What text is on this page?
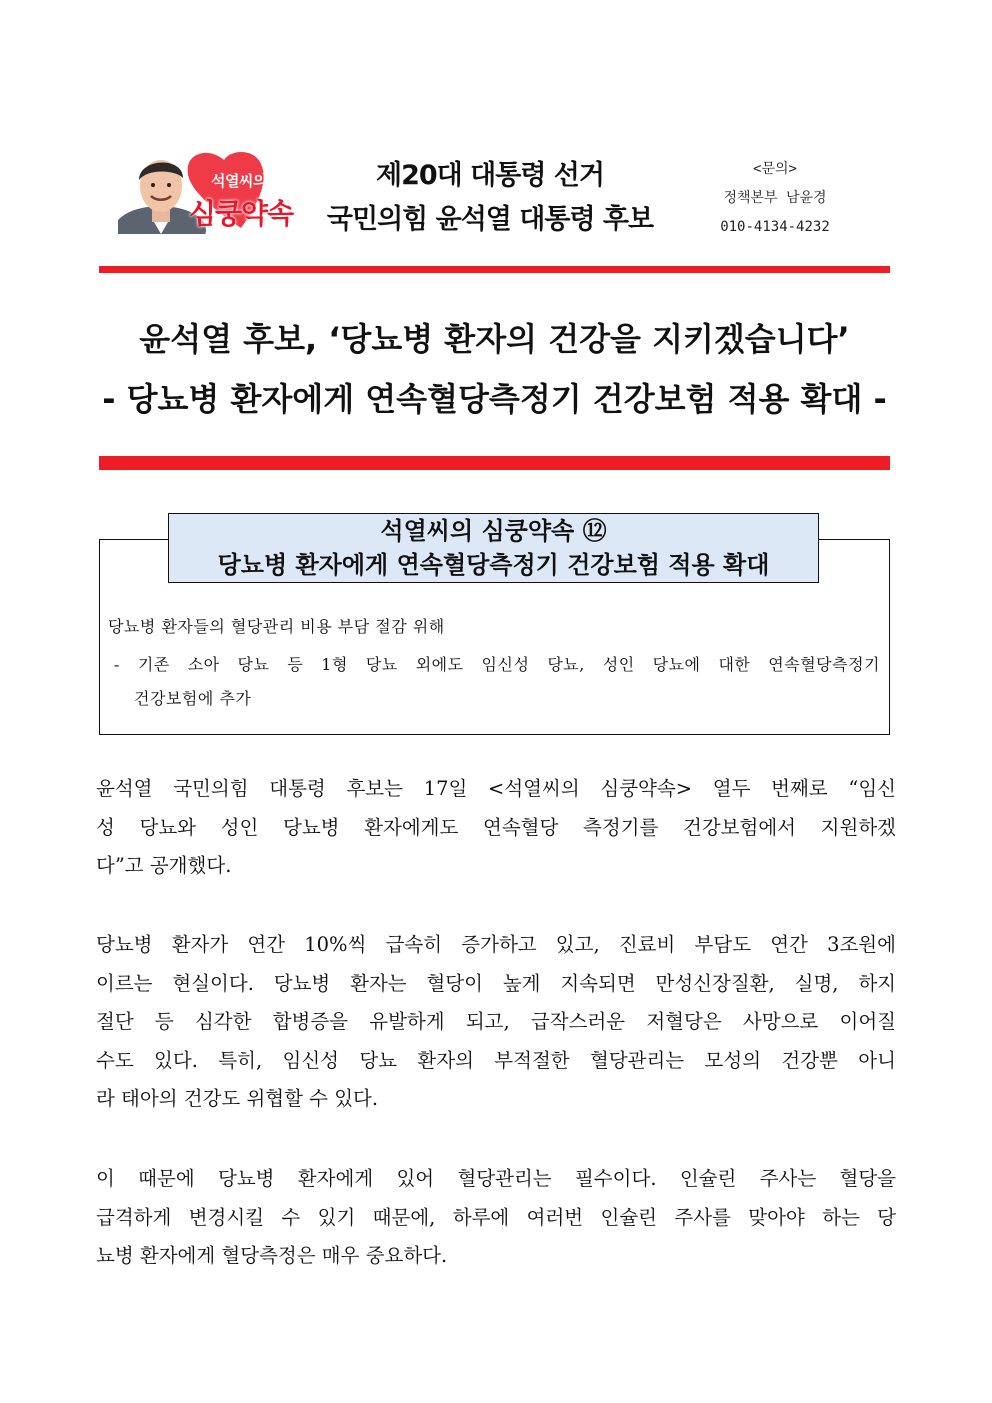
석열씨의
심쿵약속
제20대 대통령 선거
국민의힘 윤석열 대통령 후보
<문의>
정책본부 남윤경
010-4134-4232
윤석열 후보, ‘당뇨병 환자의 건강을 지키겠습니다’
- 당뇨병 환자에게 연속혈당측정기 건강보험 적용 확대 -
석열씨의 심쿵약속 ⑫
당뇨병 환자에게 연속혈당측정기 건강보험 적용 확대
당뇨병 환자들의 혈당관리 비용 부담 절감 위해
- 기존 소아 당뇨 등 1형 당뇨 외에도 임신성 당뇨, 성인 당뇨에 대한 연속혈당측정기
건강보험에 추가
윤석열 국민의힘 대통령 후보는 17일 <석열씨의 심쿵약속> 열두 번째로 “임신
성 당뇨와 성인 당뇨병 환자에게도 연속혈당 측정기를 건강보험에서 지원하겠
다”고 공개했다.
당뇨병 환자가 연간 10%씩 급속히 증가하고 있고, 진료비 부담도 연간 3조원에
이르는 현실이다. 당뇨병 환자는 혈당이 높게 지속되면 만성신장질환, 실명, 하지
절단 등 심각한 합병증을 유발하게 되고, 급작스러운 저혈당은 사망으로 이어질
수도 있다. 특히, 임신성 당뇨 환자의 부적절한 혈당관리는 모성의 건강뿐 아니
라 태아의 건강도 위협할 수 있다.
이 때문에 당뇨병 환자에게 있어 혈당관리는 필수이다. 인슐린 주사는 혈당을
급격하게 변경시킬 수 있기 때문에, 하루에 여러번 인슐린 주사를 맞아야 하는 당
뇨병 환자에게 혈당측정은 매우 중요하다.
